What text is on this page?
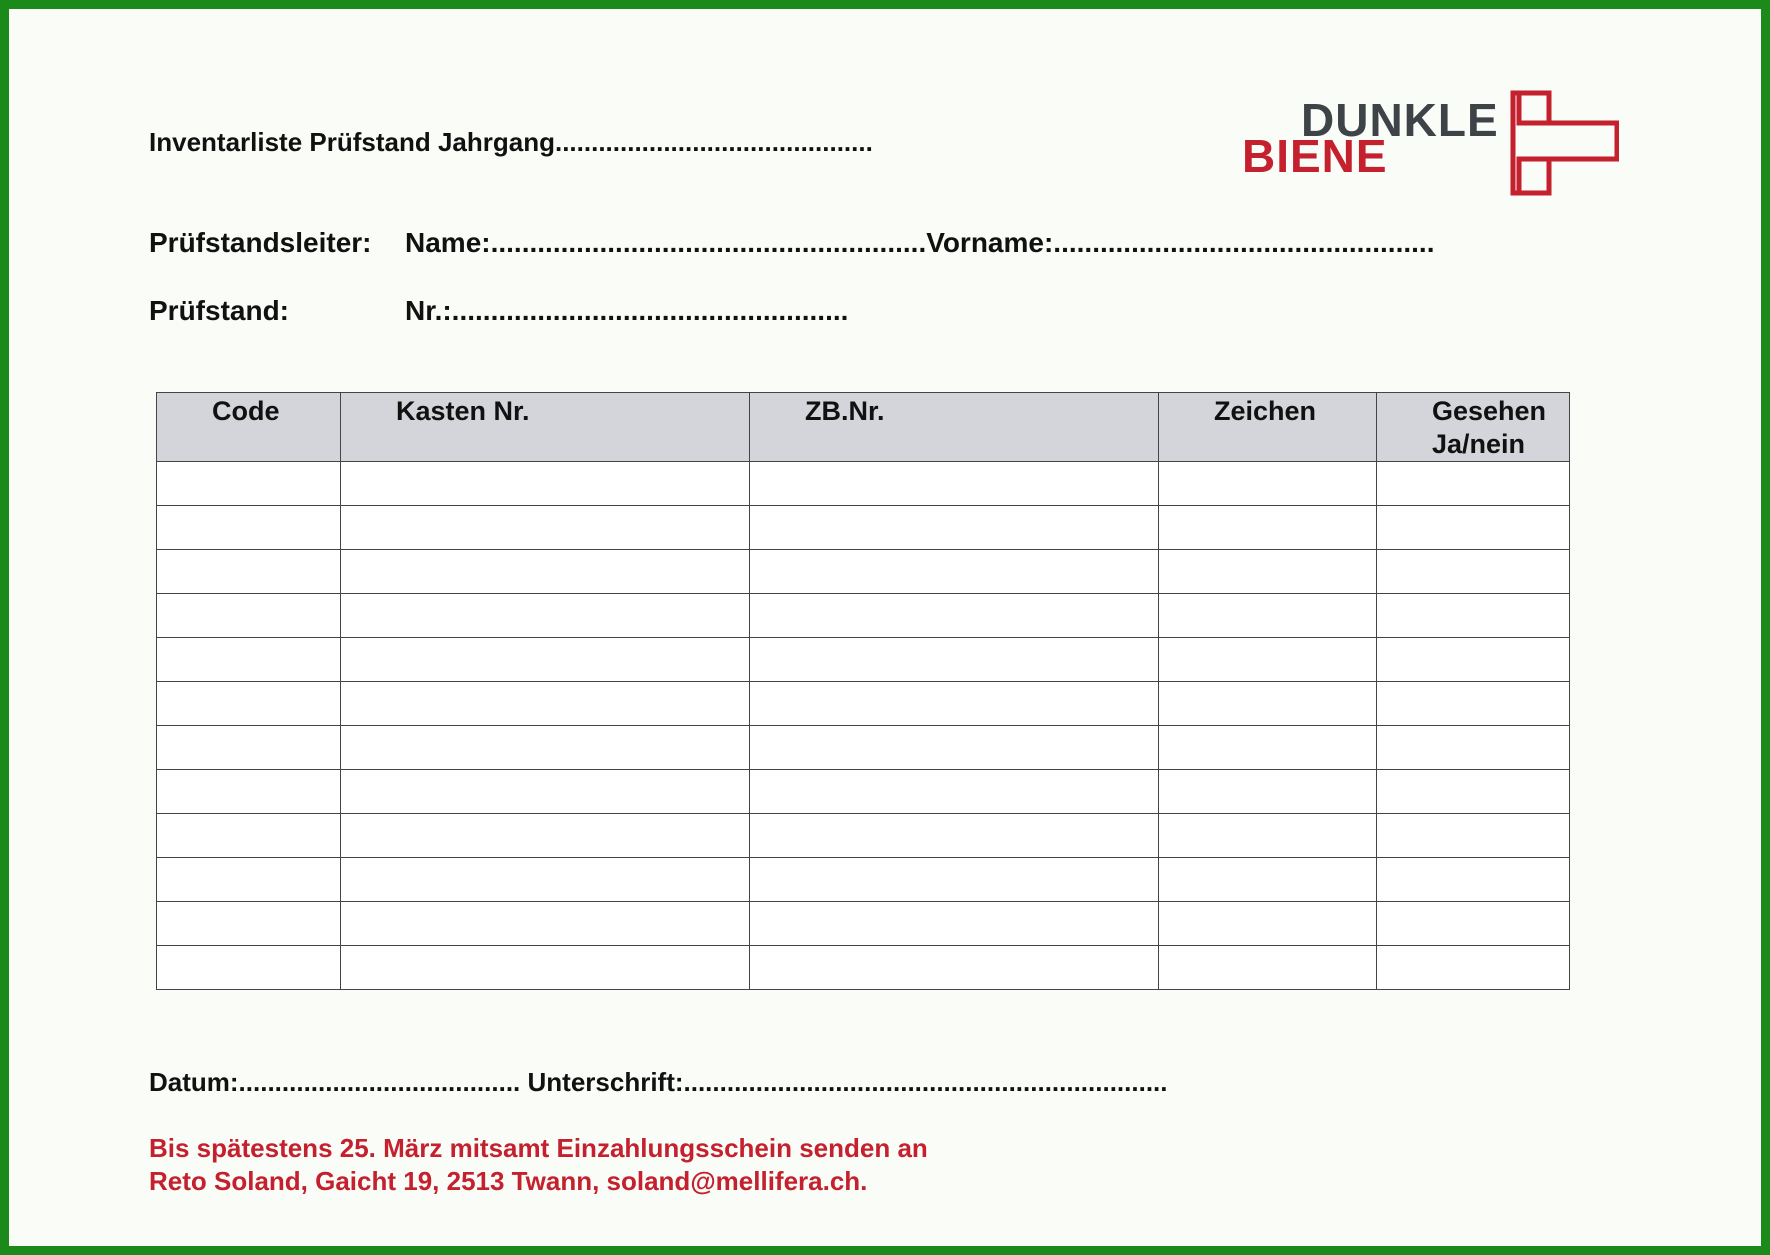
Inventarliste Prüfstand Jahrgang............................................	DUNKLE
BIENE
Prüfstandsleiter: Name:........................................................Vorname:.................................................
Prüfstand:	Nr.:...................................................
Code	Kasten Nr.	ZB.Nr.	Zeichen	Gesehen
Ja/nein

Datum:....................................... Unterschrift:...................................................................
Bis spätestens 25. März mitsamt Einzahlungsschein senden an
Reto Soland, Gaicht 19, 2513 Twann, soland@mellifera.ch.
